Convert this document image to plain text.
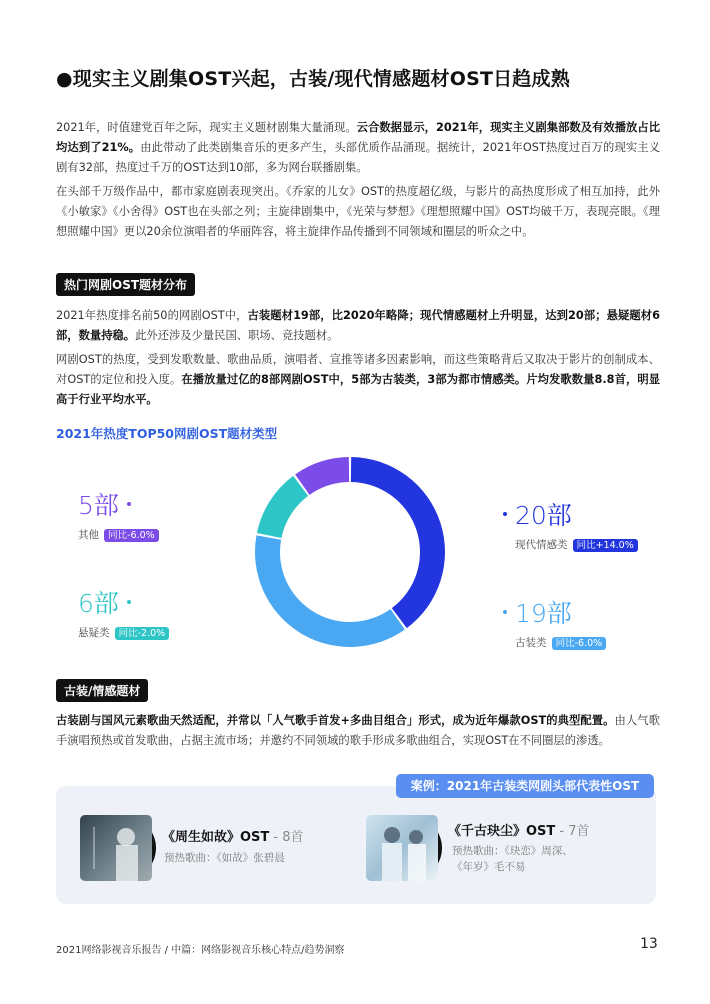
●现实主义剧集OST兴起，古装/现代情感题材OST日趋成熟
2021年，时值建党百年之际，现实主义题材剧集大量涌现。云合数据显示，2021年，现实主义剧集部数及有效播放占比均达到了21%。由此带动了此类剧集音乐的更多产生，头部优质作品涌现。据统计，2021年OST热度过百万的现实主义剧有32部，热度过千万的OST达到10部，多为网台联播剧集。
在头部千万级作品中，都市家庭剧表现突出。《乔家的儿女》OST的热度超亿级，与影片的高热度形成了相互加持，此外《小敏家》《小舍得》OST也在头部之列；主旋律剧集中，《光荣与梦想》《理想照耀中国》OST均破千万，表现亮眼。《理想照耀中国》更以20余位演唱者的华丽阵容，将主旋律作品传播到不同领域和圈层的听众之中。
热门网剧OST题材分布
2021年热度排名前50的网剧OST中，古装题材19部，比2020年略降；现代情感题材上升明显，达到20部；悬疑题材6部，数量持稳。此外还涉及少量民国、职场、竞技题材。
网剧OST的热度，受到发歌数量、歌曲品质，演唱者、宣推等诸多因素影响，而这些策略背后又取决于影片的创制成本、对OST的定位和投入度。在播放量过亿的8部网剧OST中，5部为古装类，3部为都市情感类。片均发歌数量8.8首，明显高于行业平均水平。
2021年热度TOP50网剧OST题材类型
20部
现代情感类 同比+14.0%
19部
古装类 同比-6.0%
5部
其他 同比-6.0%
6部
悬疑类 同比-2.0%
古装/情感题材
古装剧与国风元素歌曲天然适配，并常以「人气歌手首发+多曲目组合」形式，成为近年爆款OST的典型配置。由人气歌手演唱预热或首发歌曲，占据主流市场；并邀约不同领域的歌手形成多歌曲组合，实现OST在不同圈层的渗透。
案例：2021年古装类网剧头部代表性OST
《周生如故》OST - 8首
预热歌曲：《如故》张碧晨
《千古玦尘》OST - 7首
预热歌曲：《玦恋》周深、
《年岁》毛不易
2021网络影视音乐报告 / 中篇：网络影视音乐核心特点/趋势洞察	13
